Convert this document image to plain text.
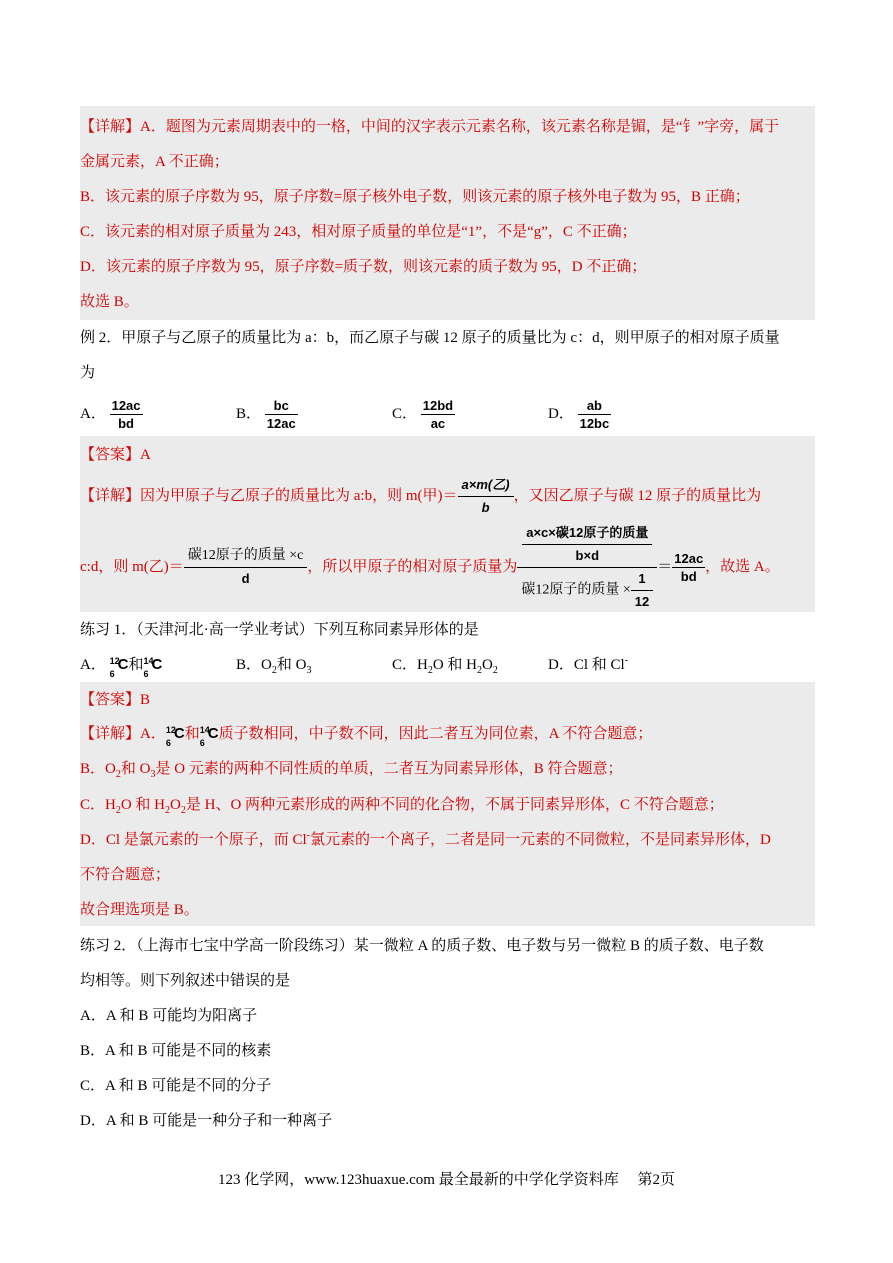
【详解】A．题图为元素周期表中的一格，中间的汉字表示元素名称，该元素名称是镅，是“钅”字旁，属于
金属元素，A 不正确；
B．该元素的原子序数为 95，原子序数=原子核外电子数，则该元素的原子核外电子数为 95，B 正确；
C．该元素的相对原子质量为 243，相对原子质量的单位是“1”，不是“g”，C 不正确；
D．该元素的原子序数为 95，原子序数=质子数，则该元素的质子数为 95，D 不正确；
故选 B。
例 2．甲原子与乙原子的质量比为 a：b，而乙原子与碳 12 原子的质量比为 c：d，则甲原子的相对原子质量
为
A． $\frac{12ac}{bd}$	B． $\frac{bc}{12ac}$	C． $\frac{12bd}{ac}$	D． $\frac{ab}{12bc}$
【答案】A
【详解】因为甲原子与乙原子的质量比为 a:b，则 m(甲)＝
a×m(乙)
b
，又因乙原子与碳 12 原子的质量比为
c:d，则 m(乙)＝
碳12原子的质量 ×c
d
，所以甲原子的相对原子质量为 $\frac{\text{a×c×碳12原子的质量}}{b\times d}$
碳12原子的质量 × $\frac{1}{12}$
＝ $\frac{12ac}{bd}$ ，故选 A。
练习 1．（天津河北·高一学业考试）下列互称同素异形体的是
A． 12
6
C和 14
6
C	B．$O_2$和 $O_3$	C．$H_2O$ 和 $H_2O_2$	D．Cl 和 Cl-
【答案】B
【详解】A． 12
6
C和 14
6
C质子数相同，中子数不同，因此二者互为同位素，A 不符合题意；
B．$O_2$和 $O_3$是 O 元素的两种不同性质的单质，二者互为同素异形体，B 符合题意；
C．$H_2O$ 和 $H_2O_2$是 H、O 两种元素形成的两种不同的化合物，不属于同素异形体，C 不符合题意；
D．Cl 是氯元素的一个原子，而 Cl-氯元素的一个离子，二者是同一元素的不同微粒，不是同素异形体，D
不符合题意；
故合理选项是 B。
练习 2．（上海市七宝中学高一阶段练习）某一微粒 A 的质子数、电子数与另一微粒 B 的质子数、电子数
均相等。则下列叙述中错误的是
A．A 和 B 可能均为阳离子
B．A 和 B 可能是不同的核素
C．A 和 B 可能是不同的分子
D．A 和 B 可能是一种分子和一种离子
123 化学网，www.123huaxue.com 最全最新的中学化学资料库　 第2页
